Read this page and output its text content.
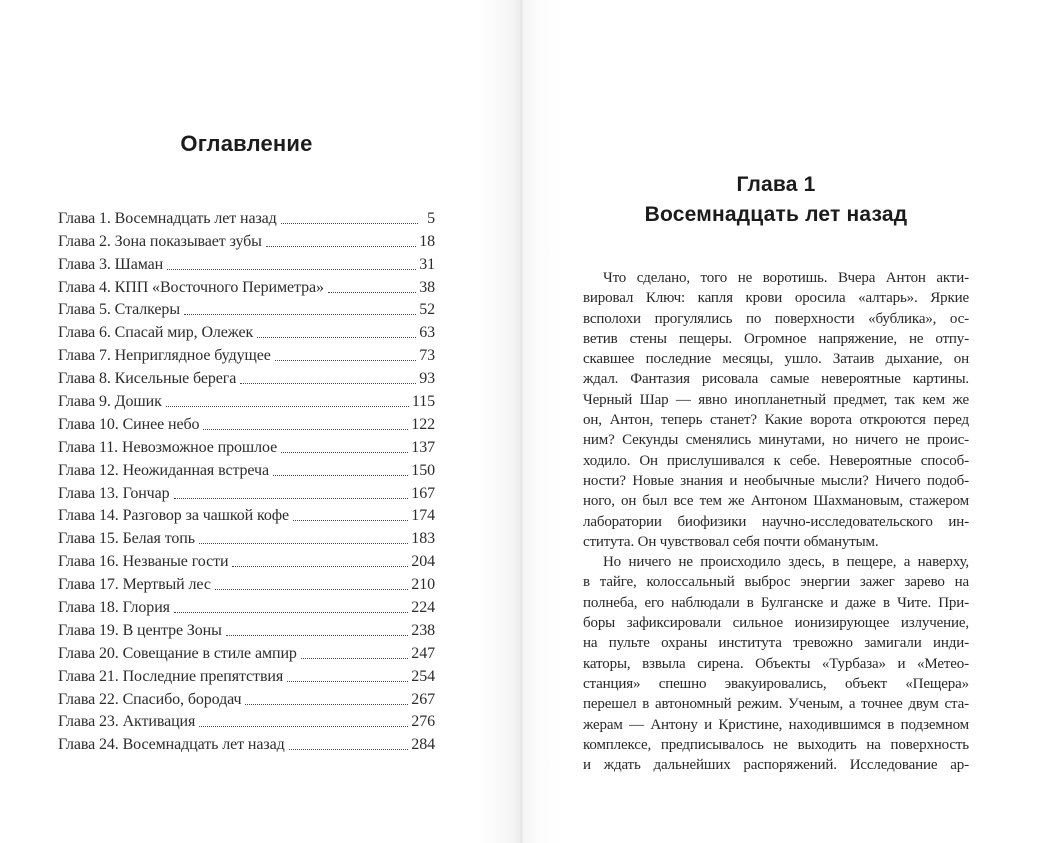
Оглавление
Глава 1. Восемнадцать лет назад	5
Глава 2. Зона показывает зубы	18
Глава 3. Шаман	31
Глава 4. КПП «Восточного Периметра»	38
Глава 5. Сталкеры	52
Глава 6. Спасай мир, Олежек	63
Глава 7. Неприглядное будущее	73
Глава 8. Кисельные берега	93
Глава 9. Дошик	115
Глава 10. Синее небо	122
Глава 11. Невозможное прошлое	137
Глава 12. Неожиданная встреча	150
Глава 13. Гончар	167
Глава 14. Разговор за чашкой кофе	174
Глава 15. Белая топь	183
Глава 16. Незваные гости	204
Глава 17. Мертвый лес	210
Глава 18. Глория	224
Глава 19. В центре Зоны	238
Глава 20. Совещание в стиле ампир	247
Глава 21. Последние препятствия	254
Глава 22. Спасибо, бородач	267
Глава 23. Активация	276
Глава 24. Восемнадцать лет назад	284
Глава 1
Восемнадцать лет назад
Что сделано, того не воротишь. Вчера Антон акти-
вировал Ключ: капля крови оросила «алтарь». Яркие
всполохи прогулялись по поверхности «бублика», ос-
ветив стены пещеры. Огромное напряжение, не отпу-
скавшее последние месяцы, ушло. Затаив дыхание, он
ждал. Фантазия рисовала самые невероятные картины.
Черный Шар — явно инопланетный предмет, так кем же
он, Антон, теперь станет? Какие ворота откроются перед
ним? Секунды сменялись минутами, но ничего не проис-
ходило. Он прислушивался к себе. Невероятные способ-
ности? Новые знания и необычные мысли? Ничего подоб-
ного, он был все тем же Антоном Шахмановым, стажером
лаборатории биофизики научно-исследовательского ин-
ститута. Он чувствовал себя почти обманутым.
Но ничего не происходило здесь, в пещере, а наверху,
в тайге, колоссальный выброс энергии зажег зарево на
полнеба, его наблюдали в Булганске и даже в Чите. При-
боры зафиксировали сильное ионизирующее излучение,
на пульте охраны института тревожно замигали инди-
каторы, взвыла сирена. Объекты «Турбаза» и «Метео-
станция» спешно эвакуировались, объект «Пещера»
перешел в автономный режим. Ученым, а точнее двум ста-
жерам — Антону и Кристине, находившимся в подземном
комплексе, предписывалось не выходить на поверхность
и ждать дальнейших распоряжений. Исследование ар-
